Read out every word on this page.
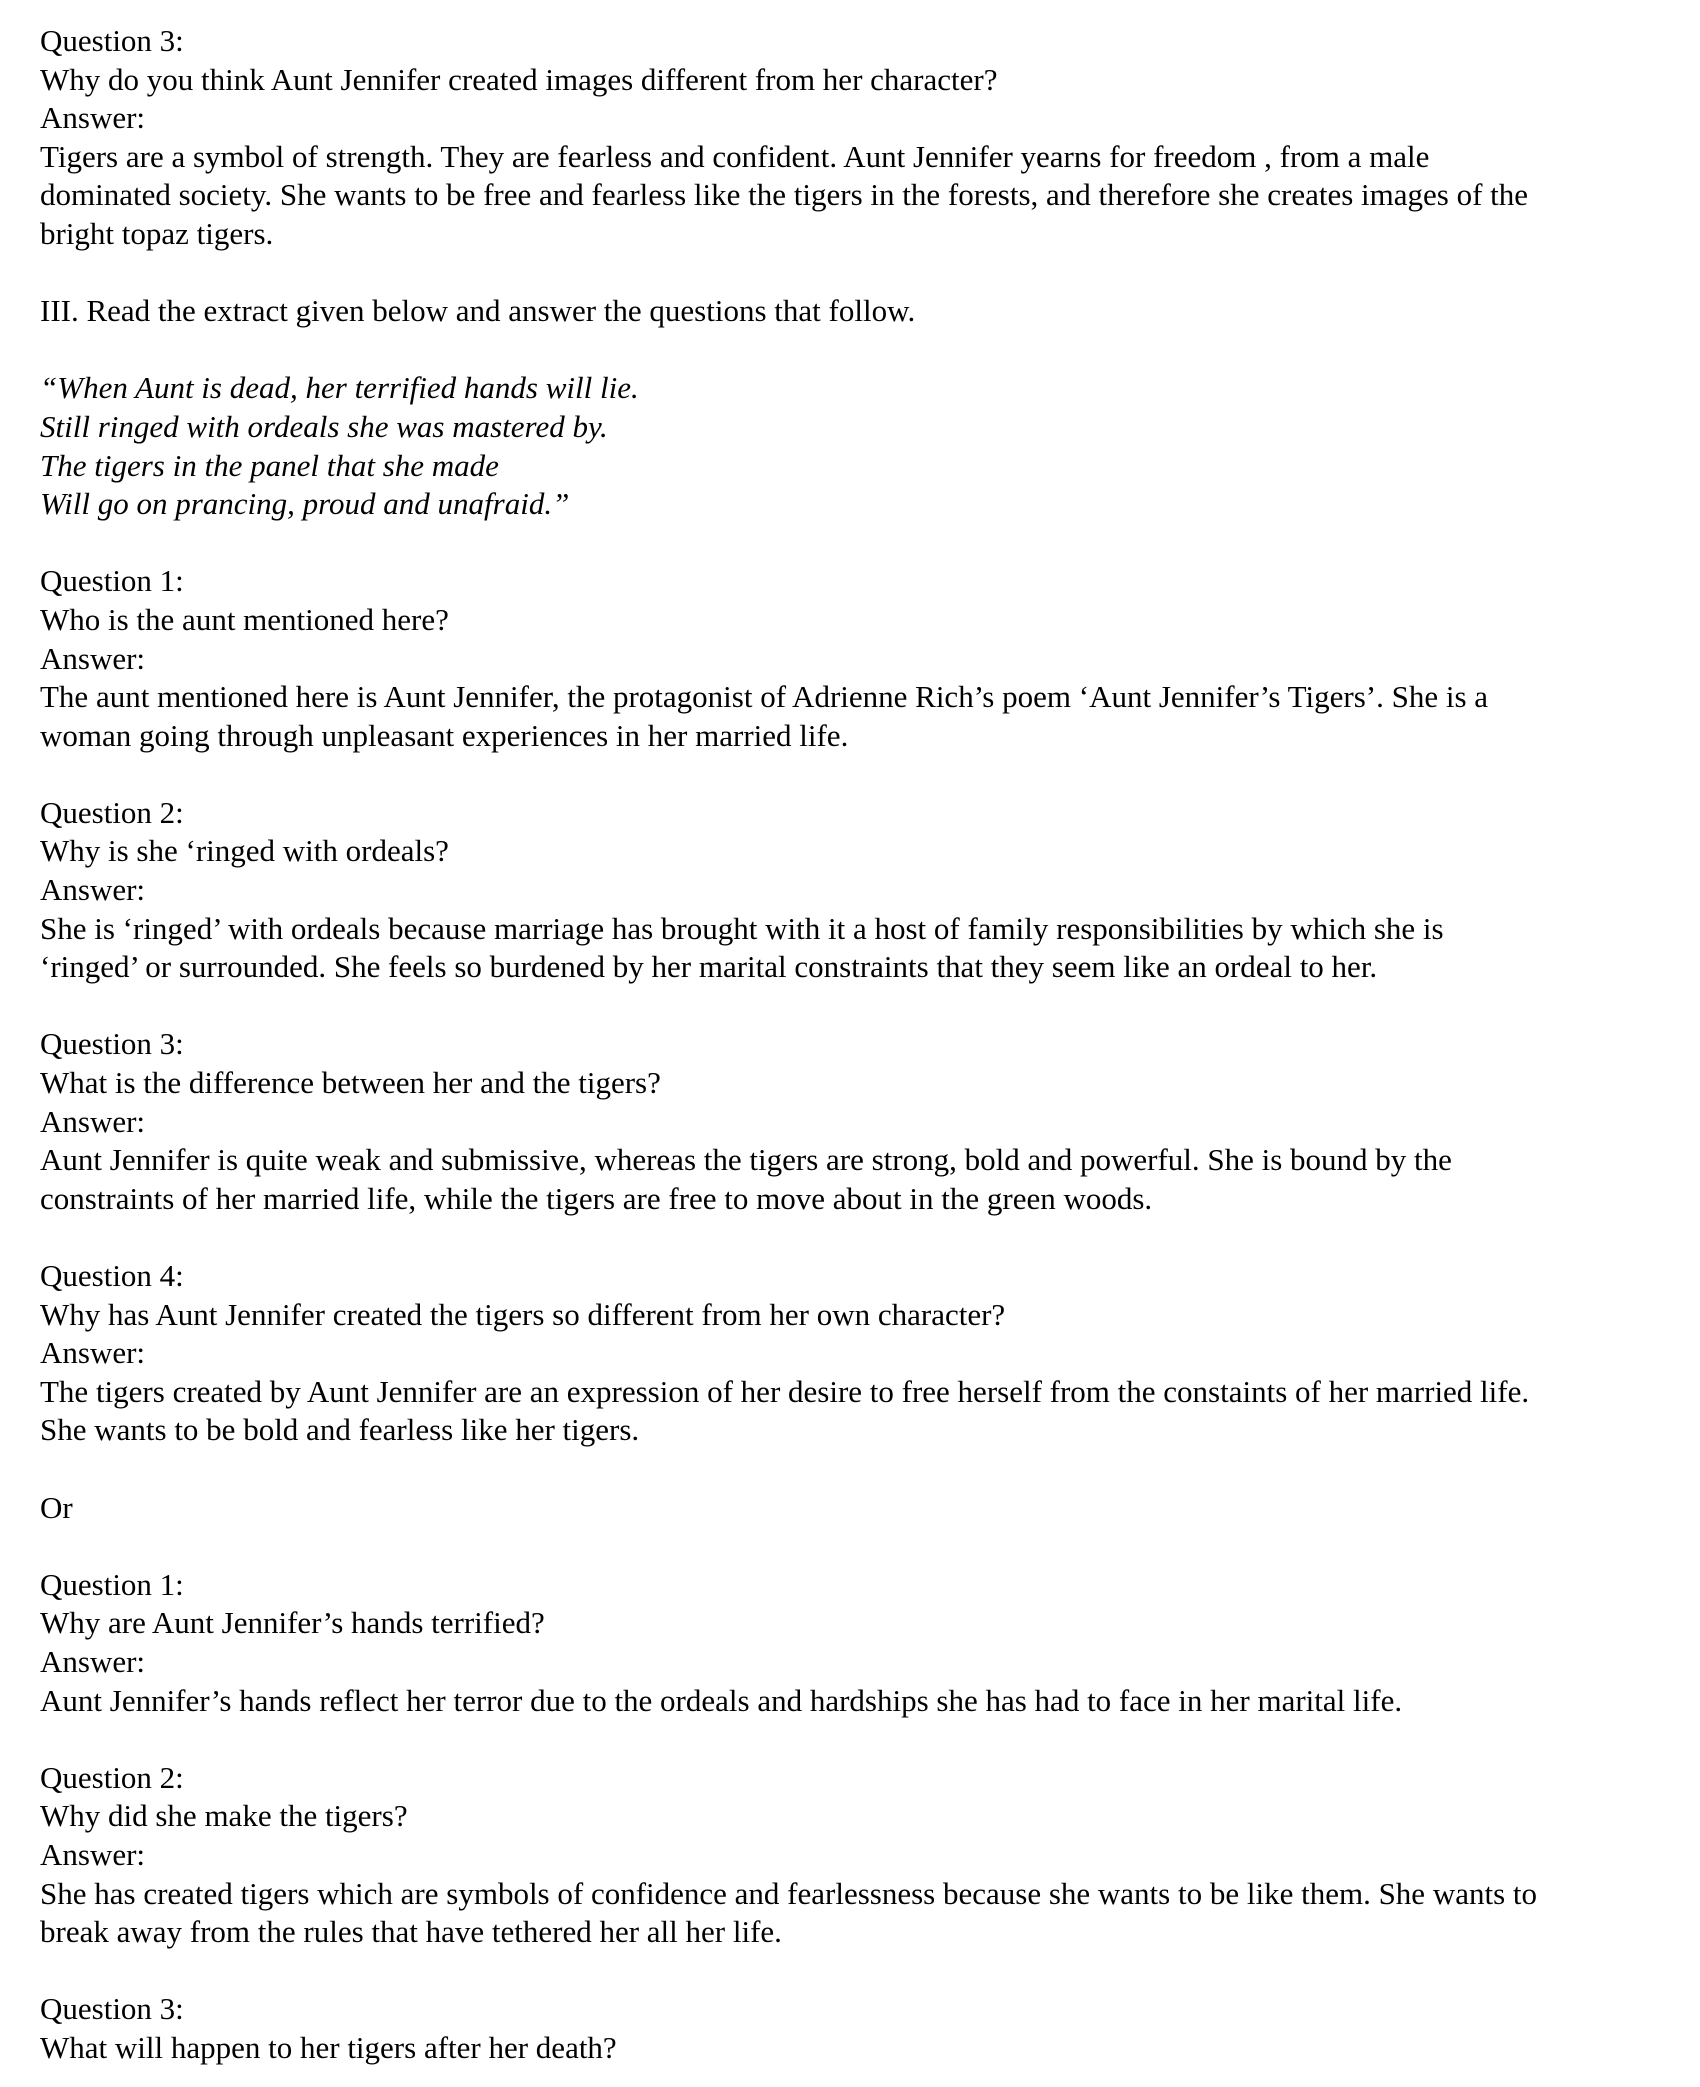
Question 3:
Why do you think Aunt Jennifer created images different from her character?
Answer:
Tigers are a symbol of strength. They are fearless and confident. Aunt Jennifer yearns for freedom , from a male
dominated society. She wants to be free and fearless like the tigers in the forests, and therefore she creates images of the
bright topaz tigers.
III. Read the extract given below and answer the questions that follow.
“When Aunt is dead, her terrified hands will lie.
Still ringed with ordeals she was mastered by.
The tigers in the panel that she made
Will go on prancing, proud and unafraid.”
Question 1:
Who is the aunt mentioned here?
Answer:
The aunt mentioned here is Aunt Jennifer, the protagonist of Adrienne Rich’s poem ‘Aunt Jennifer’s Tigers’. She is a
woman going through unpleasant experiences in her married life.
Question 2:
Why is she ‘ringed with ordeals?
Answer:
She is ‘ringed’ with ordeals because marriage has brought with it a host of family responsibilities by which she is
‘ringed’ or surrounded. She feels so burdened by her marital constraints that they seem like an ordeal to her.
Question 3:
What is the difference between her and the tigers?
Answer:
Aunt Jennifer is quite weak and submissive, whereas the tigers are strong, bold and powerful. She is bound by the
constraints of her married life, while the tigers are free to move about in the green woods.
Question 4:
Why has Aunt Jennifer created the tigers so different from her own character?
Answer:
The tigers created by Aunt Jennifer are an expression of her desire to free herself from the constaints of her married life.
She wants to be bold and fearless like her tigers.
Or
Question 1:
Why are Aunt Jennifer’s hands terrified?
Answer:
Aunt Jennifer’s hands reflect her terror due to the ordeals and hardships she has had to face in her marital life.
Question 2:
Why did she make the tigers?
Answer:
She has created tigers which are symbols of confidence and fearlessness because she wants to be like them. She wants to
break away from the rules that have tethered her all her life.
Question 3:
What will happen to her tigers after her death?
